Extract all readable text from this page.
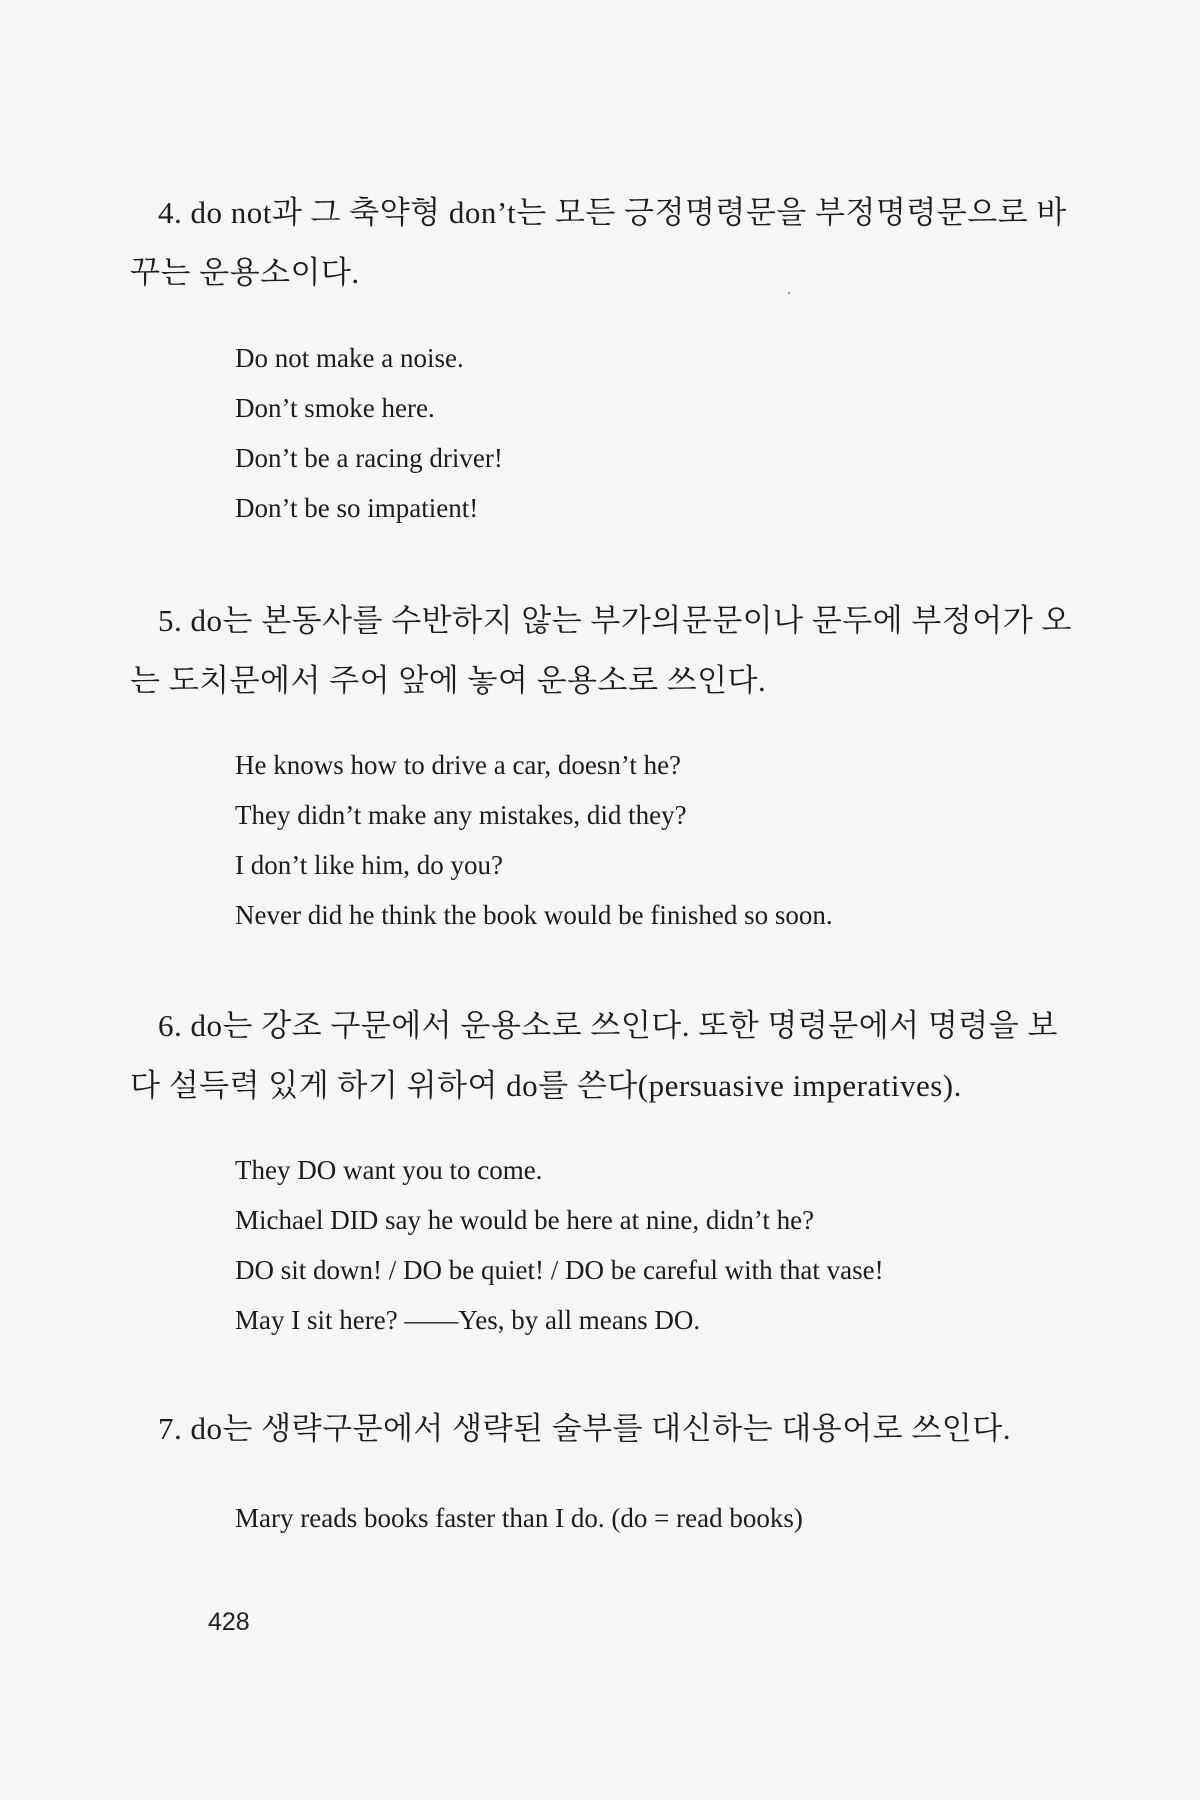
4. do not과 그 축약형 don’t는 모든 긍정명령문을 부정명령문으로 바
꾸는 운용소이다.
Do not make a noise.
Don’t smoke here.
Don’t be a racing driver!
Don’t be so impatient!
5. do는 본동사를 수반하지 않는 부가의문문이나 문두에 부정어가 오
는 도치문에서 주어 앞에 놓여 운용소로 쓰인다.
He knows how to drive a car, doesn’t he?
They didn’t make any mistakes, did they?
I don’t like him, do you?
Never did he think the book would be finished so soon.
6. do는 강조 구문에서 운용소로 쓰인다. 또한 명령문에서 명령을 보
다 설득력 있게 하기 위하여 do를 쓴다(persuasive imperatives).
They DO want you to come.
Michael DID say he would be here at nine, didn’t he?
DO sit down! / DO be quiet! / DO be careful with that vase!
May I sit here? ——Yes, by all means DO.
7. do는 생략구문에서 생략된 술부를 대신하는 대용어로 쓰인다.
Mary reads books faster than I do. (do = read books)
428
